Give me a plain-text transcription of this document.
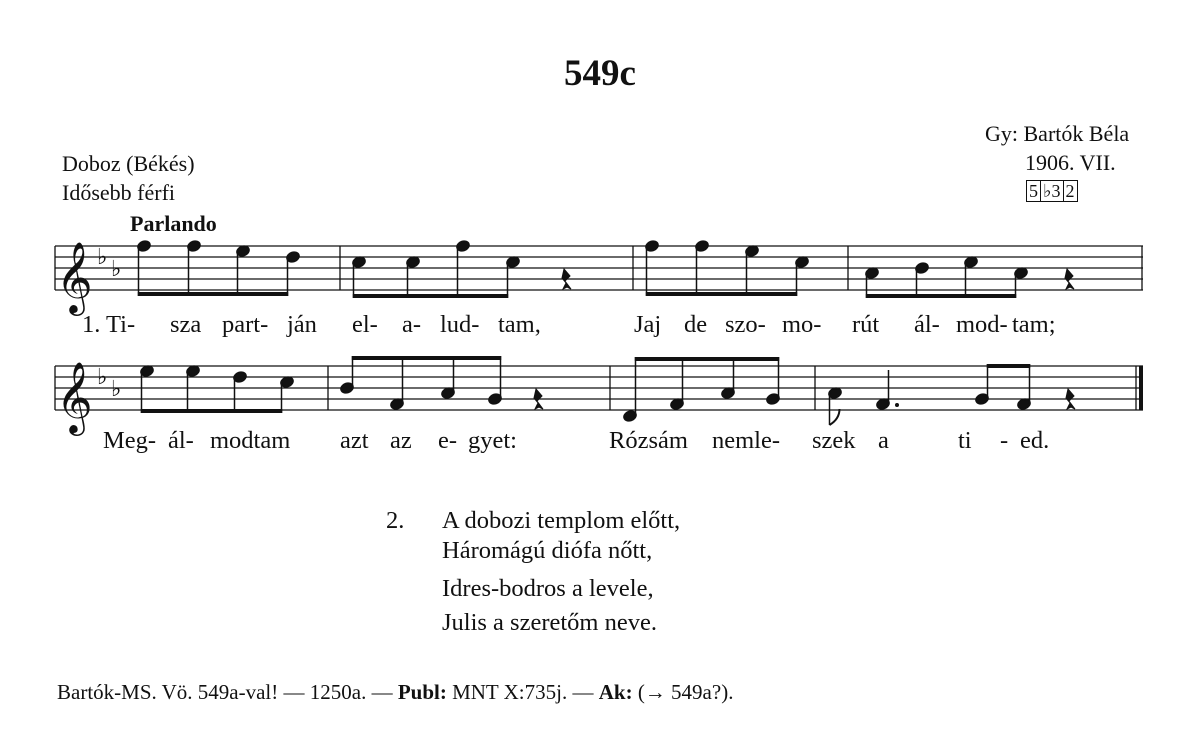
549c
Doboz (Békés)
Idősebb férfi
Gy: Bartók Béla
1906. VII.
5 ♭3 2
Parlando
𝄞 ♭ ♭
𝄞 ♭ ♭
1. Ti- sza part- ján el- a- lud- tam,	Jaj de szo- mo- rút ál- mod- tam;
Meg- ál- modtam azt az e- gyet:	Rózsám nemle- szek a	ti - ed.
2. A dobozi templom előtt,
Háromágú diófa nőtt,
Idres-bodros a levele,
Julis a szeretőm neve.
Bartók-MS. Vö. 549a-val! — 1250a. — Publ: MNT X:735j. — Ak: (→ 549a?).
